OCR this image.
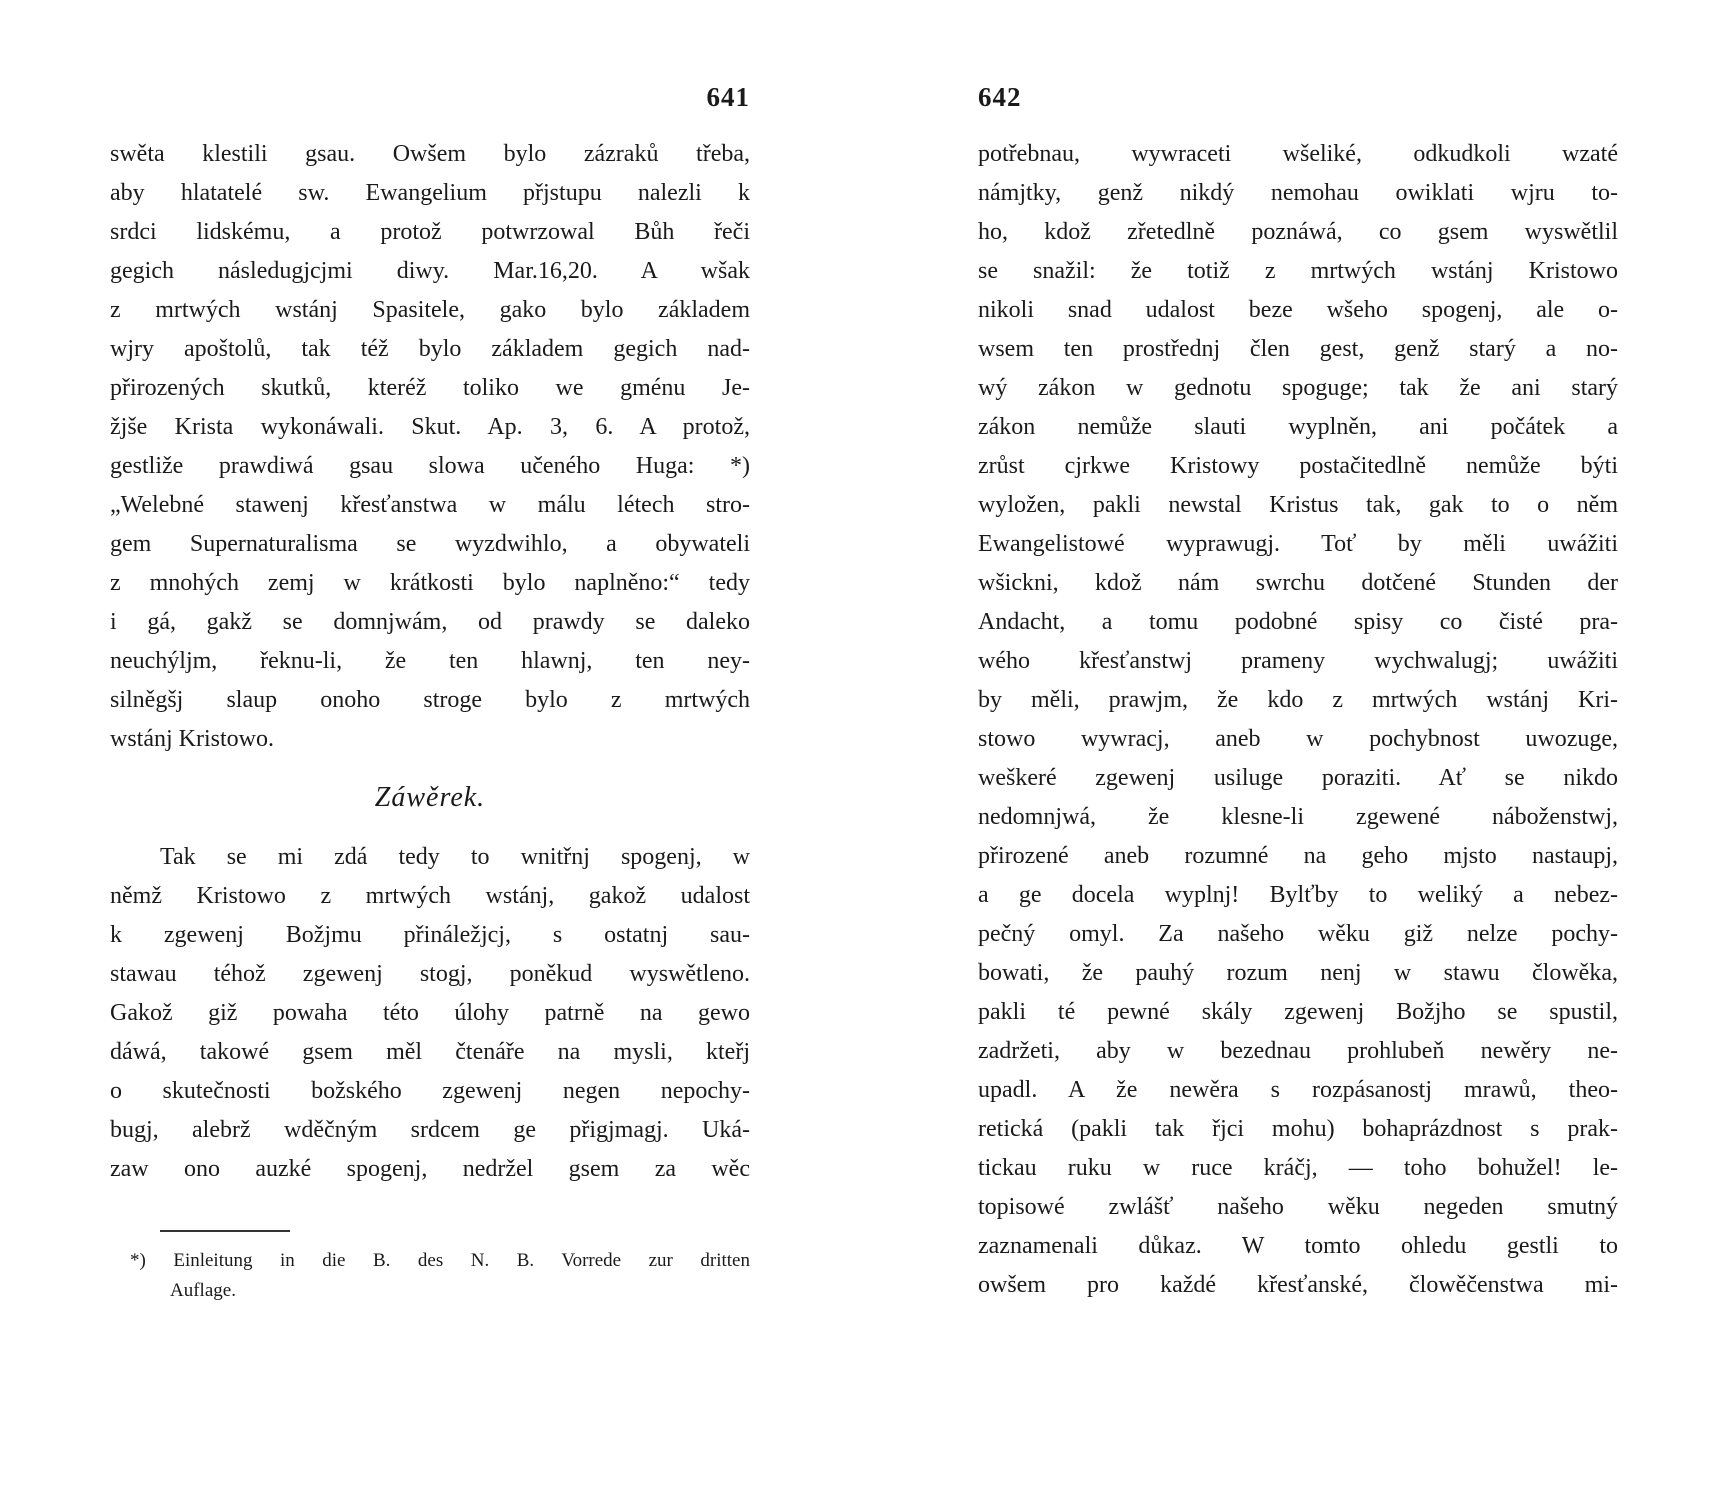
641
swěta klestili gsau. Owšem bylo zázraků třeba,
aby hlatatelé sw. Ewangelium přjstupu nalezli k
srdci lidskému, a protož potwrzowal Bůh řeči
gegich následugjcjmi diwy. Mar.16,20. A wšak
z mrtwých wstánj Spasitele, gako bylo základem
wjry apoštolů, tak též bylo základem gegich nad-
přirozených skutků, kteréž toliko we gménu Je-
žjše Krista wykonáwali. Skut. Ap. 3, 6. A protož,
gestliže prawdiwá gsau slowa učeného Huga: *)
„Welebné stawenj křesťanstwa w málu létech stro-
gem Supernaturalisma se wyzdwihlo, a obywateli
z mnohých zemj w krátkosti bylo naplněno:“ tedy
i gá, gakž se domnjwám, od prawdy se daleko
neuchýljm, řeknu-li, že ten hlawnj, ten ney-
silněgšj slaup onoho stroge bylo z mrtwých
wstánj Kristowo.
Záwěrek.
Tak se mi zdá tedy to wnitřnj spogenj, w
němž Kristowo z mrtwých wstánj, gakož udalost
k zgewenj Božjmu přináležjcj, s ostatnj sau-
stawau téhož zgewenj stogj, poněkud wyswětleno.
Gakož giž powaha této úlohy patrně na gewo
dáwá, takowé gsem měl čtenáře na mysli, kteřj
o skutečnosti božského zgewenj negen nepochy-
bugj, alebrž wděčným srdcem ge přigjmagj. Uká-
zaw ono auzké spogenj, nedržel gsem za wěc
*) Einleitung in die B. des N. B. Vorrede zur dritten
Auflage.
642
potřebnau, wywraceti wšeliké, odkudkoli wzaté
námjtky, genž nikdý nemohau owiklati wjru to-
ho, kdož zřetedlně poznáwá, co gsem wyswětlil
se snažil: že totiž z mrtwých wstánj Kristowo
nikoli snad udalost beze wšeho spogenj, ale o-
wsem ten prostřednj člen gest, genž starý a no-
wý zákon w gednotu spoguge; tak že ani starý
zákon nemůže slauti wyplněn, ani počátek a
zrůst cjrkwe Kristowy postačitedlně nemůže býti
wyložen, pakli newstal Kristus tak, gak to o něm
Ewangelistowé wyprawugj. Toť by měli uwážiti
wšickni, kdož nám swrchu dotčené Stunden der
Andacht, a tomu podobné spisy co čisté pra-
wého křesťanstwj prameny wychwalugj; uwážiti
by měli, prawjm, že kdo z mrtwých wstánj Kri-
stowo wywracj, aneb w pochybnost uwozuge,
weškeré zgewenj usiluge poraziti. Ať se nikdo
nedomnjwá, že klesne-li zgewené náboženstwj,
přirozené aneb rozumné na geho mjsto nastaupj,
a ge docela wyplnj! Bylťby to weliký a nebez-
pečný omyl. Za našeho wěku giž nelze pochy-
bowati, že pauhý rozum nenj w stawu člowěka,
pakli té pewné skály zgewenj Božjho se spustil,
zadržeti, aby w bezednau prohlubeň newěry ne-
upadl. A že newěra s rozpásanostj mrawů, theo-
retická (pakli tak řjci mohu) bohaprázdnost s prak-
tickau ruku w ruce kráčj, — toho bohužel! le-
topisowé zwlášť našeho wěku negeden smutný
zaznamenali důkaz. W tomto ohledu gestli to
owšem pro každé křesťanské, člowěčenstwa mi-
